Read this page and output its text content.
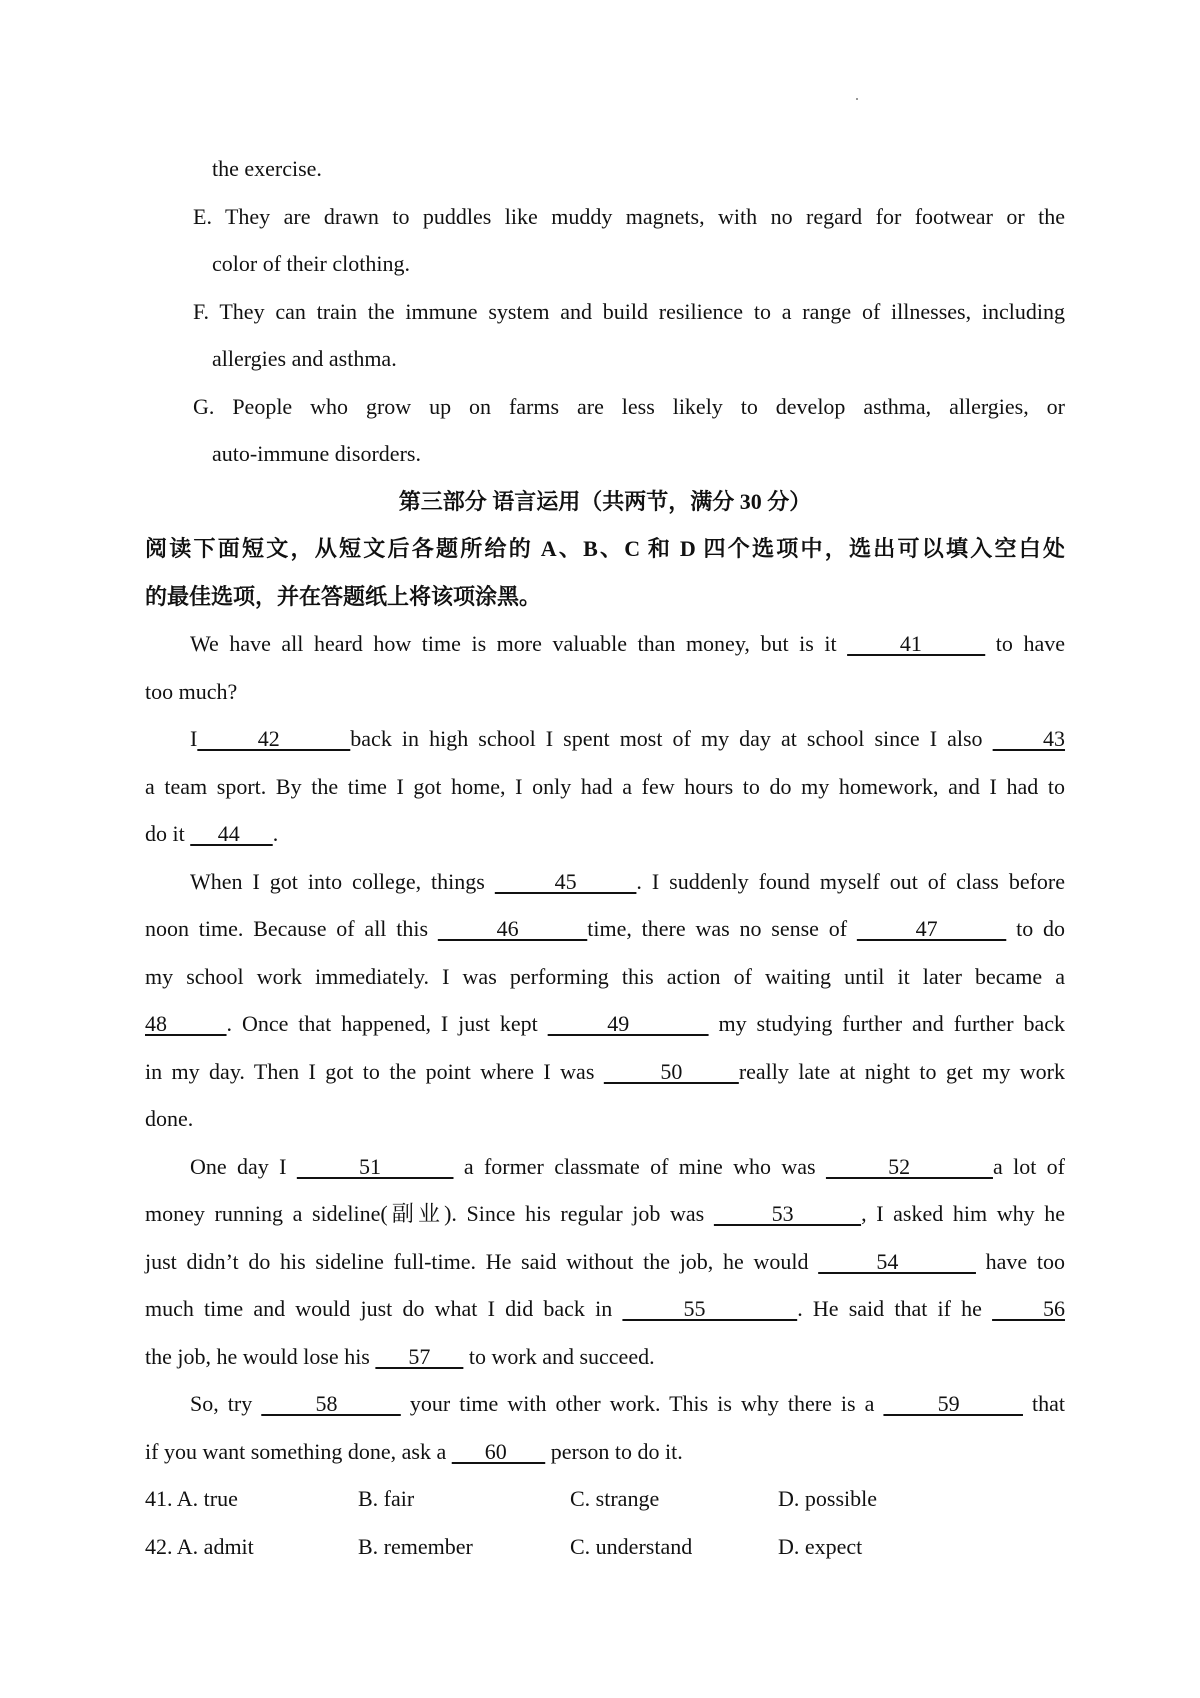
the exercise.
E. They are drawn to puddles like muddy magnets, with no regard for footwear or the
color of their clothing.
F. They can train the immune system and build resilience to a range of illnesses, including
allergies and asthma.
G. People who grow up on farms are less likely to develop asthma, allergies, or
auto-immune disorders.
第三部分 语言运用（共两节，满分 30 分）
阅读下面短文，从短文后各题所给的 A、B、C 和 D 四个选项中，选出可以填入空白处
的最佳选项，并在答题纸上将该项涂黑。
We have all heard how time is more valuable than money, but is it      41       to have
too much?
I      42       back in high school I spent most of my day at school since I also      43
a team sport. By the time I got home, I only had a few hours to do my homework, and I had to
do it      44      .
When I got into college, things       45      . I suddenly found myself out of class before
noon time. Because of all this       46       time, there was no sense of       47        to do
my school work immediately. I was performing this action of waiting until it later became a
48      . Once that happened, I just kept       49         my studying further and further back
in my day. Then I got to the point where I was       50      really late at night to get my work
done.
One day I       51        a former classmate of mine who was       52        a lot of
money running a sideline(副业). Since his regular job was       53       , I asked him why he
just didn’t do his sideline full-time. He said without the job, he would       54         have too
much time and would just do what I did back in       55         . He said that if he      56
the job, he would lose his       57       to work and succeed.
So, try       58        your time with other work. This is why there is a       59        that
if you want something done, ask a       60        person to do it.
41. A. true	B. fair	C. strange	D. possible
42. A. admit	B. remember	C. understand	D. expect
